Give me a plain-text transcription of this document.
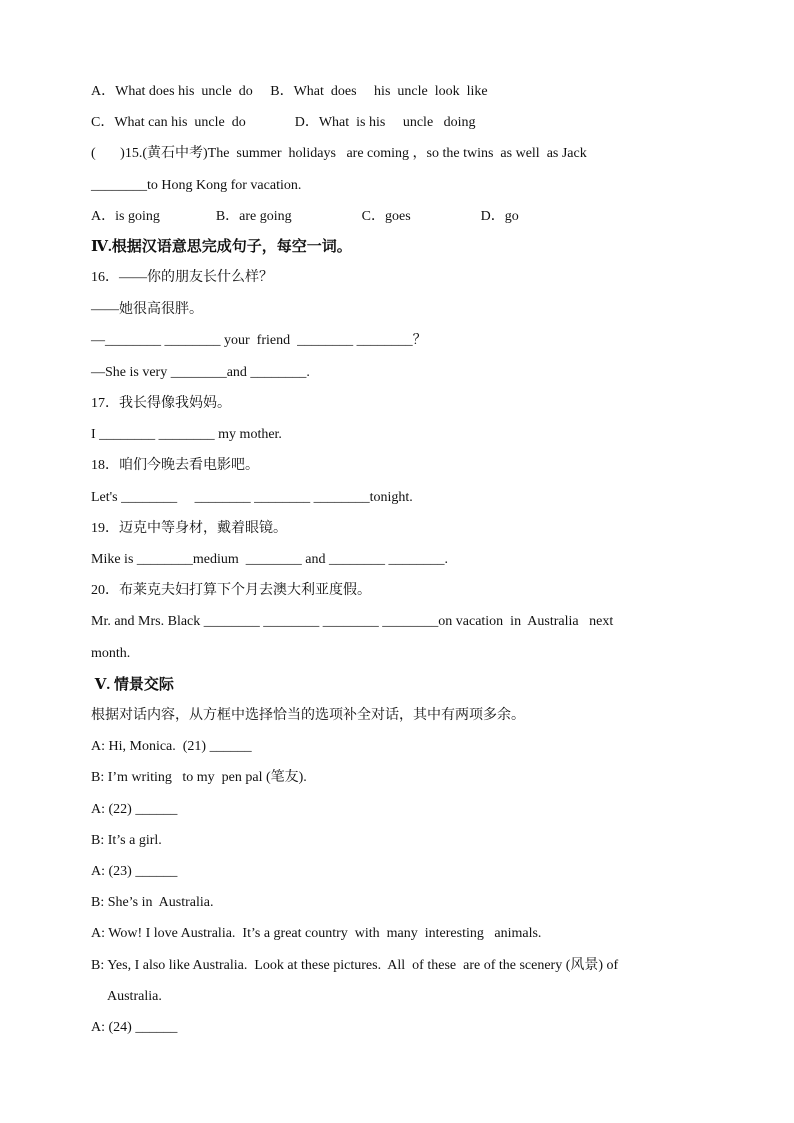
A．What does his  uncle  do     B．What  does     his  uncle  look  like
C．What can his  uncle  do              D．What  is his     uncle   doing
(       )15.(黄石中考)The  summer  holidays   are coming ，so the twins  as well  as Jack
________to Hong Kong for vacation.
A．is going                B．are going                    C．goes                    D．go
Ⅳ.根据汉语意思完成句子，每空一词。
16．——你的朋友长什么样？
——她很高很胖。
—________ ________ your  friend  ________ ________？
—She is very ________and ________.
17．我长得像我妈妈。
I ________ ________ my mother.
18．咱们今晚去看电影吧。
Let's ________     ________ ________ ________tonight.
19．迈克中等身材，戴着眼镜。
Mike is ________medium  ________ and ________ ________.
20．布莱克夫妇打算下个月去澳大利亚度假。
Mr. and Mrs. Black ________ ________ ________ ________on vacation  in  Australia   next
month.
Ⅴ. 情景交际
根据对话内容，从方框中选择恰当的选项补全对话，其中有两项多余。
A: Hi, Monica.  (21) ______
B: I’m writing   to my  pen pal (笔友).
A: (22) ______
B: It’s a girl.
A: (23) ______
B: She’s in  Australia.
A: Wow! I love Australia.  It’s a great country  with  many  interesting   animals.
B: Yes, I also like Australia.  Look at these pictures.  All  of these  are of the scenery (风景) of
Australia.
A: (24) ______
